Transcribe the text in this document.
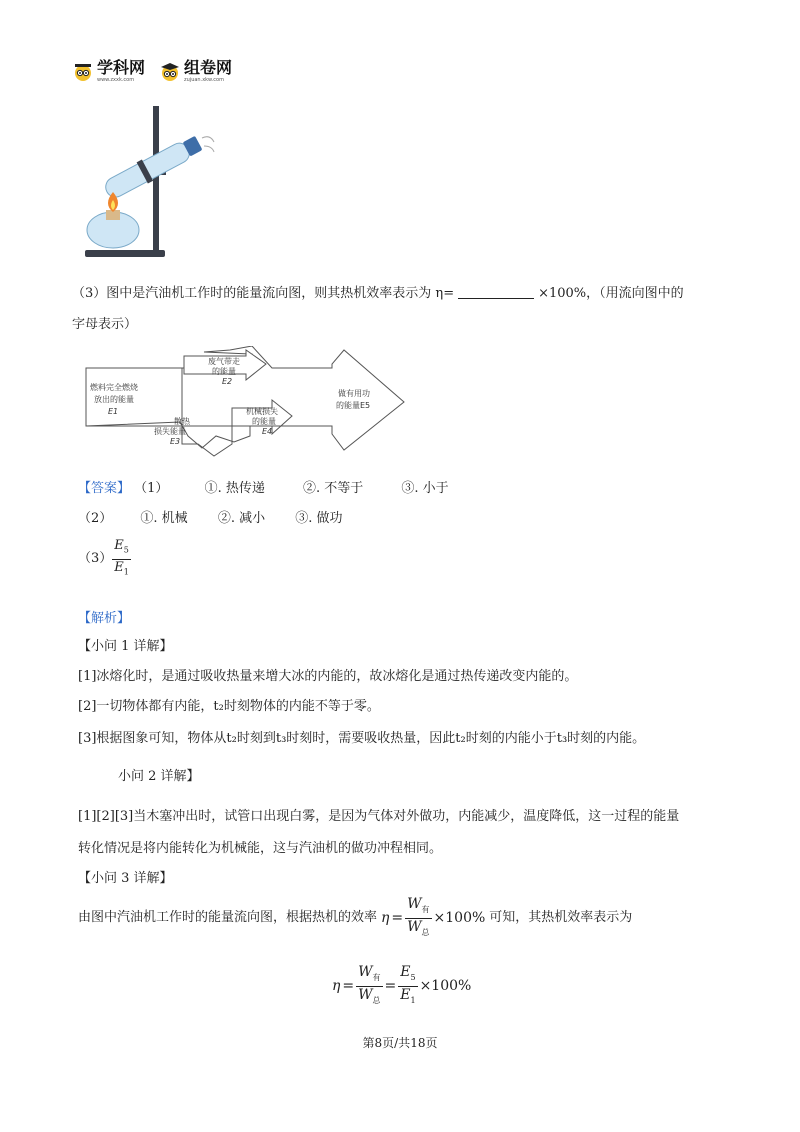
学科网
www.zxxk.com
组卷网
zujuan.xkw.com
（3）图中是汽油机工作时的能量流向图，则其热机效率表示为 η=	×100%，（用流向图中的
字母表示）
燃料完全燃烧 放出的能量 E1 废气带走 的能量 E2 散热 损失能量 E3 机械损失 的能量 E4 做有用功 的能量E5
【答案】 （1）	①. 热传递	②. 不等于	③. 小于
（2） ①. 机械 ②. 减小 ③. 做功
$(3) \frac{E_5}{E_1}$
【解析】
【小问 1 详解】
[1]冰熔化时，是通过吸收热量来增大冰的内能的，故冰熔化是通过热传递改变内能的。
[2]一切物体都有内能，t₂时刻物体的内能不等于零。
[3]根据图象可知，物体从t₂时刻到t₃时刻时，需要吸收热量，因此t₂时刻的内能小于t₃时刻的内能。
小问 2 详解】
[1][2][3]当木塞冲出时，试管口出现白雾，是因为气体对外做功，内能减少，温度降低，这一过程的能量
转化情况是将内能转化为机械能，这与汽油机的做功冲程相同。
【小问 3 详解】
由图中汽油机工作时的能量流向图，根据热机的效率 $\eta = \frac{W_有}{W_总} \times 100\%$ 可知，其热机效率表示为
$\eta = \frac{W_有}{W_总} = \frac{E_5}{E_1} \times 100\%$
第8页/共18页
